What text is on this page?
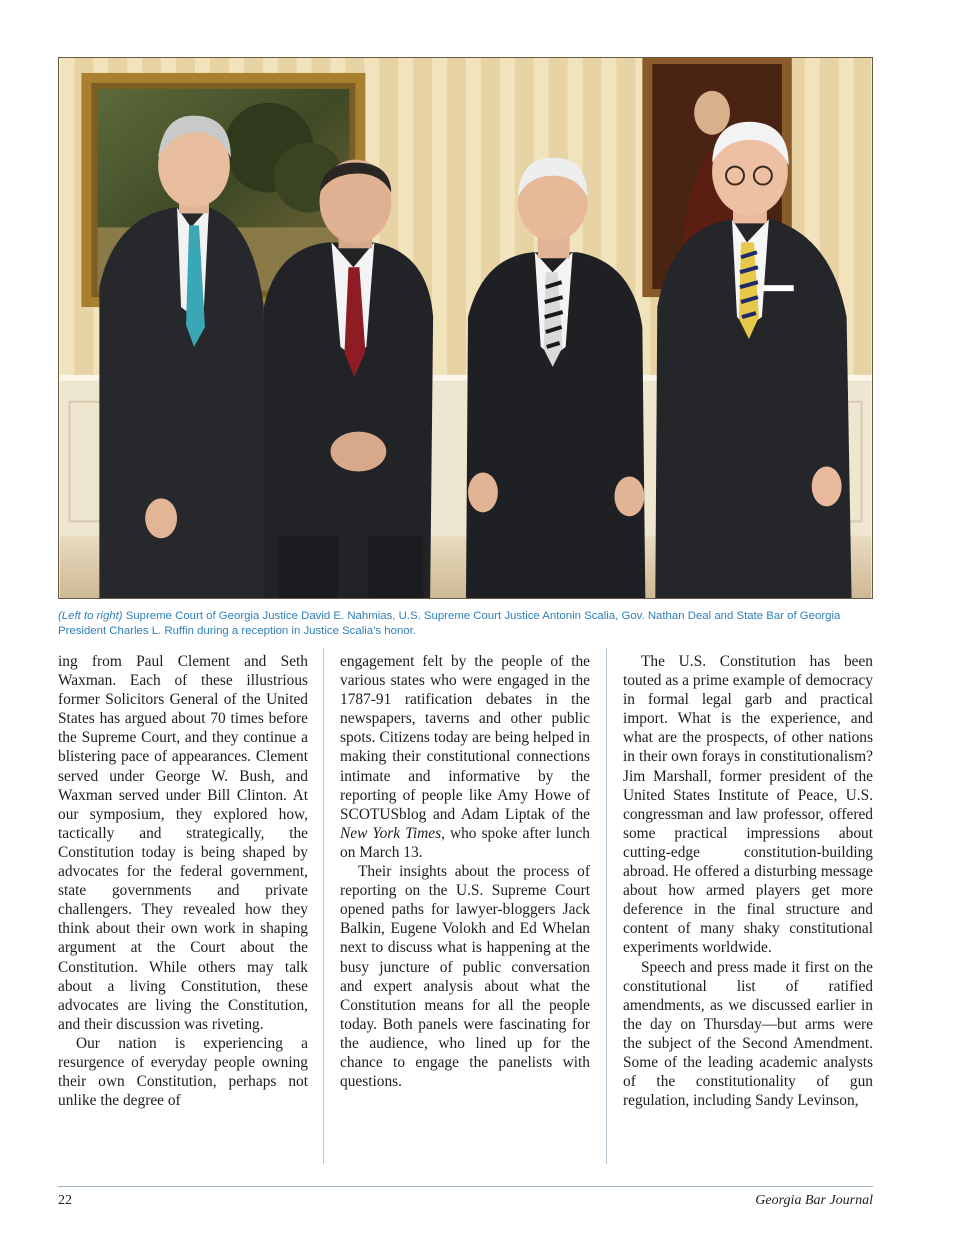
(Left to right) Supreme Court of Georgia Justice David E. Nahmias, U.S. Supreme Court Justice Antonin Scalia, Gov. Nathan Deal and State Bar of Georgia President Charles L. Ruffin during a reception in Justice Scalia’s honor.

ing from Paul Clement and Seth Waxman. Each of these illustrious former Solicitors General of the United States has argued about 70 times before the Supreme Court, and they continue a blistering pace of appearances. Clement served under George W. Bush, and Waxman served under Bill Clinton. At our symposium, they explored how, tactically and strategically, the Constitution today is being shaped by advocates for the federal government, state governments and private challengers. They revealed how they think about their own work in shaping argument at the Court about the Constitution. While others may talk about a living Constitution, these advocates are living the Constitution, and their discussion was riveting.

Our nation is experiencing a resurgence of everyday people owning their own Constitution, perhaps not unlike the degree of

engagement felt by the people of the various states who were engaged in the 1787-91 ratification debates in the newspapers, taverns and other public spots. Citizens today are being helped in making their constitutional connections intimate and informative by the reporting of people like Amy Howe of SCOTUSblog and Adam Liptak of the New York Times, who spoke after lunch on March 13.

Their insights about the process of reporting on the U.S. Supreme Court opened paths for lawyer-bloggers Jack Balkin, Eugene Volokh and Ed Whelan next to discuss what is happening at the busy juncture of public conversation and expert analysis about what the Constitution means for all the people today. Both panels were fascinating for the audience, who lined up for the chance to engage the panelists with questions.

The U.S. Constitution has been touted as a prime example of democracy in formal legal garb and practical import. What is the experience, and what are the prospects, of other nations in their own forays in constitutionalism? Jim Marshall, former president of the United States Institute of Peace, U.S. congressman and law professor, offered some practical impressions about cutting-edge constitution-building abroad. He offered a disturbing message about how armed players get more deference in the final structure and content of many shaky constitutional experiments worldwide.

Speech and press made it first on the constitutional list of ratified amendments, as we discussed earlier in the day on Thursday—but arms were the subject of the Second Amendment. Some of the leading academic analysts of the constitutionality of gun regulation, including Sandy Levinson,

22	Georgia Bar Journal
